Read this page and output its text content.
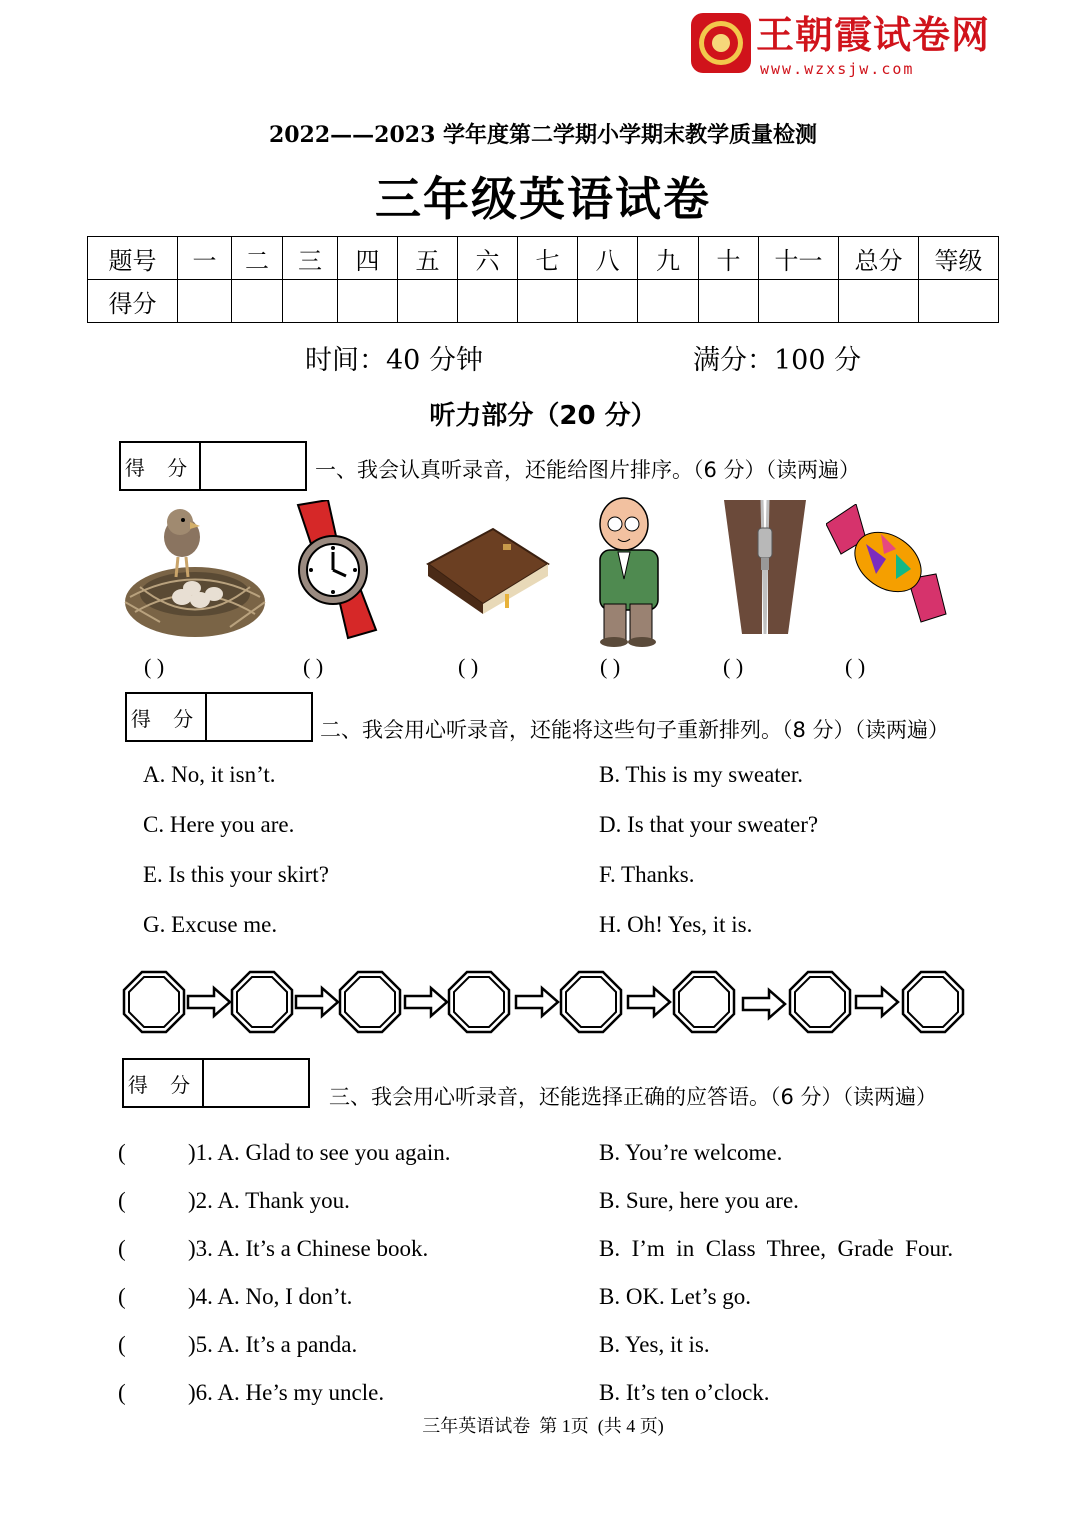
王朝霞试卷网
www.wzxsjw.com
2022——2023 学年度第二学期小学期末教学质量检测
三年级英语试卷
题号	一	二	三	四	五	六	七	八	九	十	十一	总分	等级
得分													
时间：40 分钟	满分：100 分
听力部分（20 分）
得 分	一、我会认真听录音，还能给图片排序。（6 分）（读两遍）
( )	( )	( )	( )	( )	( )
得 分	二、我会用心听录音，还能将这些句子重新排列。（8 分）（读两遍）
A. No, it isn’t.	B. This is my sweater.
C. Here you are.	D. Is that your sweater?
E. Is this your skirt?	F. Thanks.
G. Excuse me.	H. Oh! Yes, it is.
得 分
三、我会用心听录音，还能选择正确的应答语。（6 分）（读两遍）
(	)1. A. Glad to see you again.	B. You’re welcome.
(	)2. A. Thank you.	B. Sure, here you are.
(	)3. A. It’s a Chinese book.	B.  I’m  in  Class  Three,  Grade  Four.
(	)4. A. No, I don’t.	B. OK. Let’s go.
(	)5. A. It’s a panda.	B. Yes, it is.
(	)6. A. He’s my uncle.	B. It’s ten o’clock.
三年英语试卷  第 1页  (共 4 页)
